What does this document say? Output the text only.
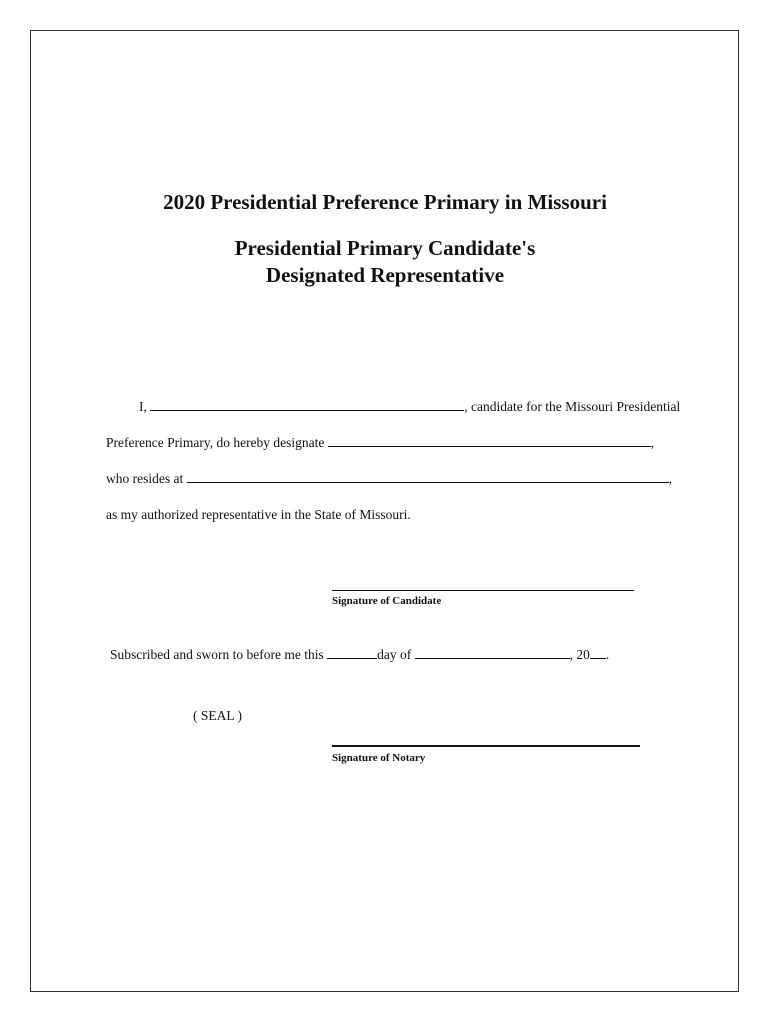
2020 Presidential Preference Primary in Missouri
Presidential Primary Candidate's
Designated Representative
I,	, candidate for the Missouri Presidential
Preference Primary, do hereby designate	,
who resides at	,
as my authorized representative in the State of Missouri.
Signature of Candidate
Subscribed and sworn to before me this	day of	, 20 .
( SEAL )
Signature of Notary
